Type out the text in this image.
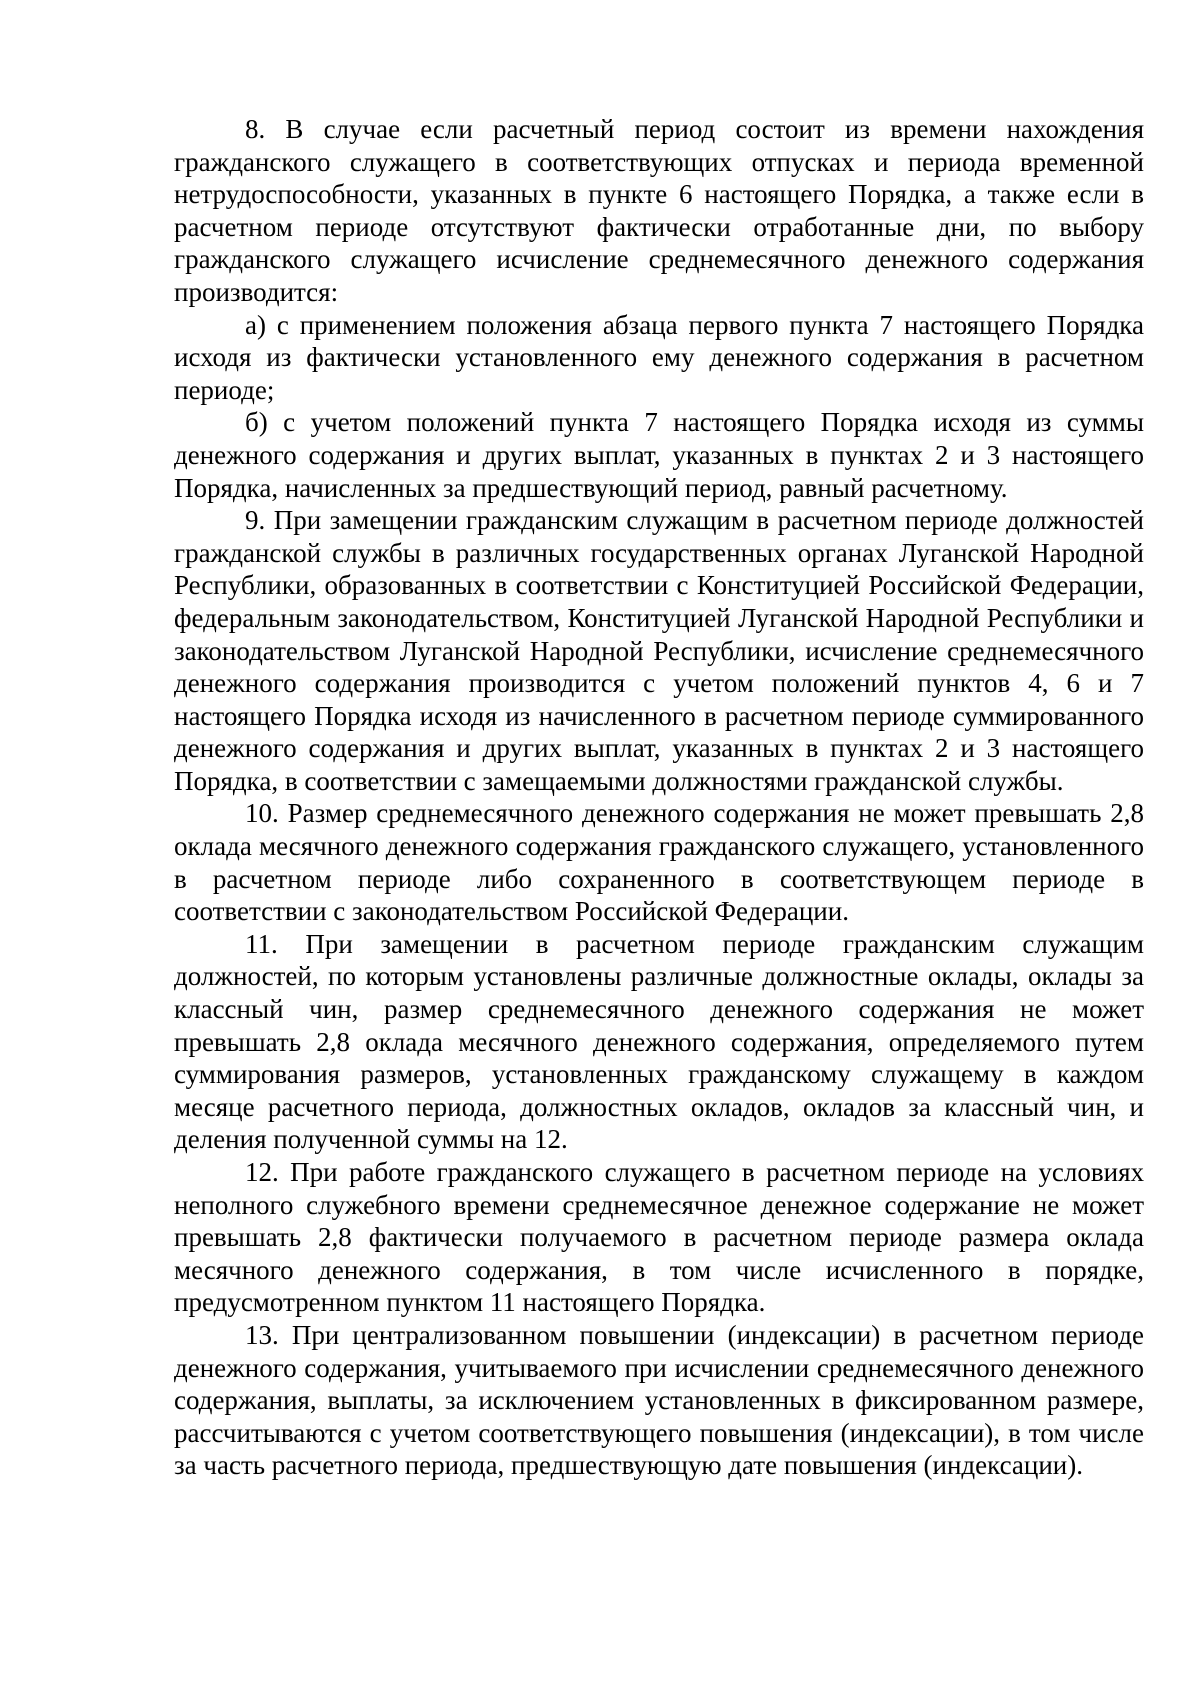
8. В случае если расчетный период состоит из времени нахождения гражданского служащего в соответствующих отпусках и периода временной нетрудоспособности, указанных в пункте 6 настоящего Порядка, а также если в расчетном периоде отсутствуют фактически отработанные дни, по выбору гражданского служащего исчисление среднемесячного денежного содержания производится:

а) с применением положения абзаца первого пункта 7 настоящего Порядка исходя из фактически установленного ему денежного содержания в расчетном периоде;

б) с учетом положений пункта 7 настоящего Порядка исходя из суммы денежного содержания и других выплат, указанных в пунктах 2 и 3 настоящего Порядка, начисленных за предшествующий период, равный расчетному.

9. При замещении гражданским служащим в расчетном периоде должностей гражданской службы в различных государственных органах Луганской Народной Республики, образованных в соответствии с Конституцией Российской Федерации, федеральным законодательством, Конституцией Луганской Народной Республики и законодательством Луганской Народной Республики, исчисление среднемесячного денежного содержания производится с учетом положений пунктов 4, 6 и 7 настоящего Порядка исходя из начисленного в расчетном периоде суммированного денежного содержания и других выплат, указанных в пунктах 2 и 3 настоящего Порядка, в соответствии с замещаемыми должностями гражданской службы.

10. Размер среднемесячного денежного содержания не может превышать 2,8 оклада месячного денежного содержания гражданского служащего, установленного в расчетном периоде либо сохраненного в соответствующем периоде в соответствии с законодательством Российской Федерации.

11. При замещении в расчетном периоде гражданским служащим должностей, по которым установлены различные должностные оклады, оклады за классный чин, размер среднемесячного денежного содержания не может превышать 2,8 оклада месячного денежного содержания, определяемого путем суммирования размеров, установленных гражданскому служащему в каждом месяце расчетного периода, должностных окладов, окладов за классный чин, и деления полученной суммы на 12.

12. При работе гражданского служащего в расчетном периоде на условиях неполного служебного времени среднемесячное денежное содержание не может превышать 2,8 фактически получаемого в расчетном периоде размера оклада месячного денежного содержания, в том числе исчисленного в порядке, предусмотренном пунктом 11 настоящего Порядка.

13. При централизованном повышении (индексации) в расчетном периоде денежного содержания, учитываемого при исчислении среднемесячного денежного содержания, выплаты, за исключением установленных в фиксированном размере, рассчитываются с учетом соответствующего повышения (индексации), в том числе за часть расчетного периода, предшествующую дате повышения (индексации).
